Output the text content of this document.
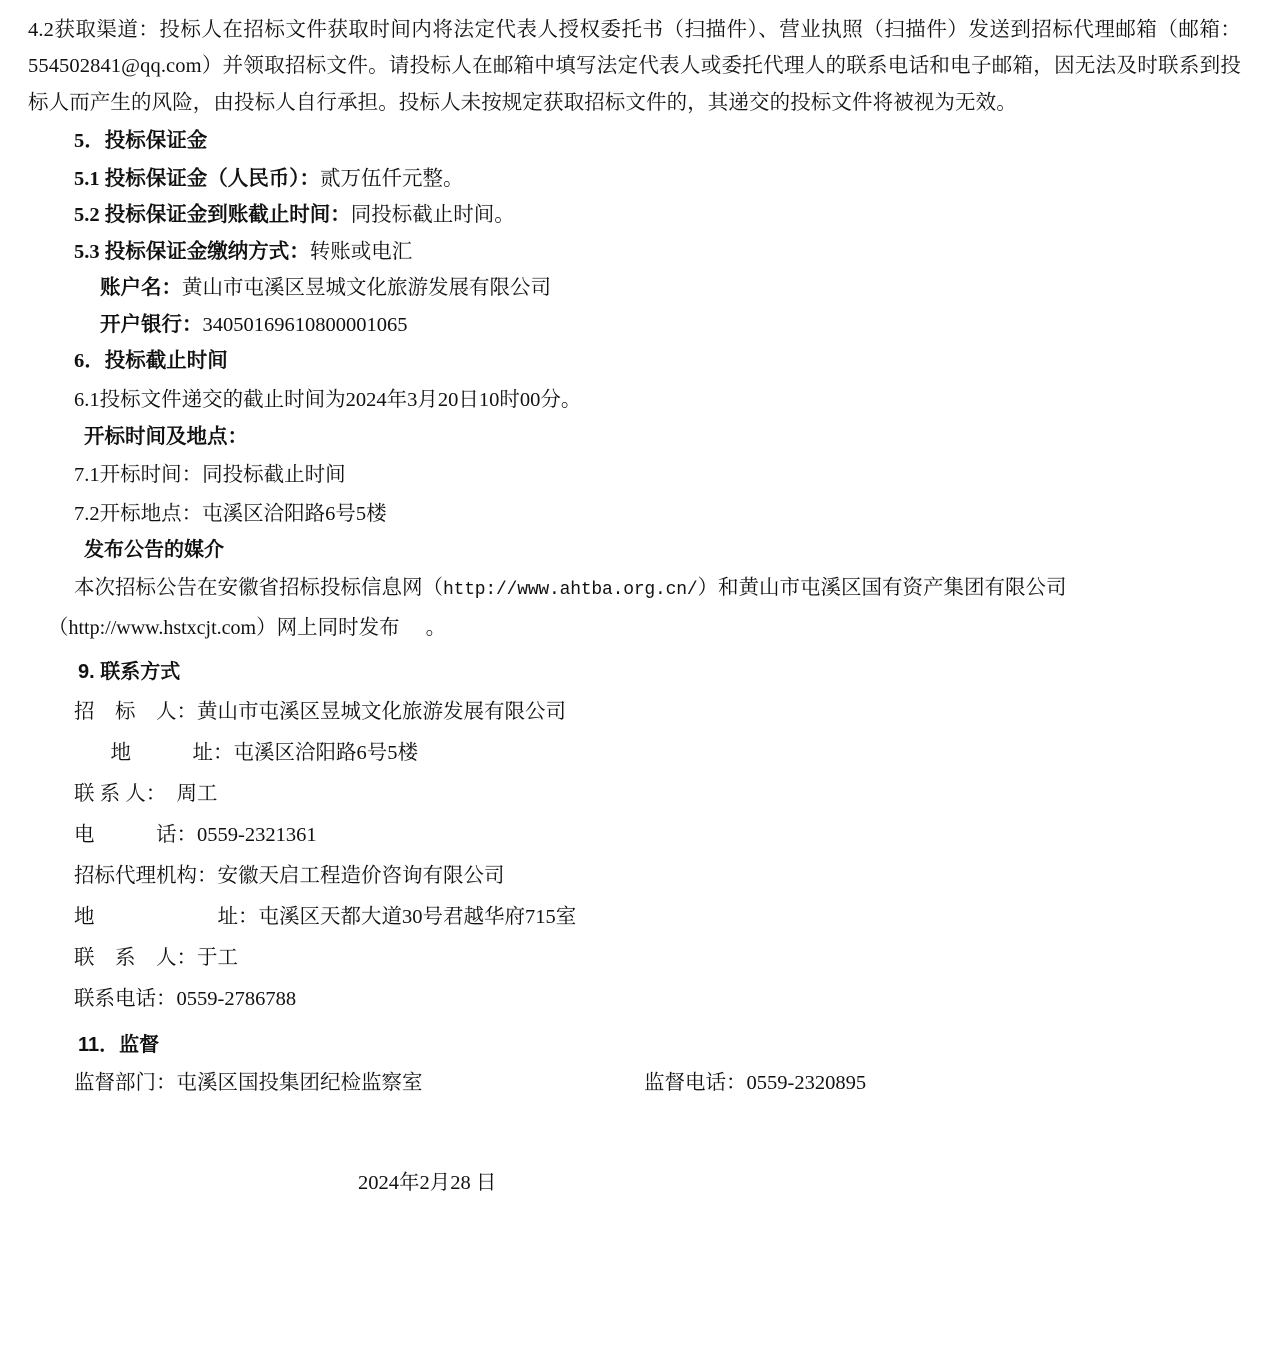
4.2获取渠道：投标人在招标文件获取时间内将法定代表人授权委托书（扫描件）、营业执照（扫描件）发送到招标代理邮箱（邮箱：554502841@qq.com）并领取招标文件。请投标人在邮箱中填写法定代表人或委托代理人的联系电话和电子邮箱，因无法及时联系到投标人而产生的风险，由投标人自行承担。投标人未按规定获取招标文件的，其递交的投标文件将被视为无效。

5．投标保证金

5.1 投标保证金（人民币）：贰万伍仟元整。

5.2 投标保证金到账截止时间：同投标截止时间。

5.3 投标保证金缴纳方式：转账或电汇

账户名：黄山市屯溪区昱城文化旅游发展有限公司

开户银行：34050169610800001065

6．投标截止时间

6.1投标文件递交的截止时间为2024年3月20日10时00分。

开标时间及地点：

7.1开标时间：同投标截止时间

7.2开标地点：屯溪区洽阳路6号5楼

发布公告的媒介

本次招标公告在安徽省招标投标信息网（http://www.ahtba.org.cn/）和黄山市屯溪区国有资产集团有限公司

（http://www.hstxcjt.com）网上同时发布 。

9. 联系方式

招　标　人：黄山市屯溪区昱城文化旅游发展有限公司

　地　　　址：屯溪区洽阳路6号5楼

联 系 人：　周工

电　　　话：0559-2321361

招标代理机构：安徽天启工程造价咨询有限公司

地　　　　　　址：屯溪区天都大道30号君越华府715室

联　系　人：于工

联系电话：0559-2786788

11．监督

监督部门：屯溪区国投集团纪检监察室	监督电话：0559-2320895

2024年2月28 日
